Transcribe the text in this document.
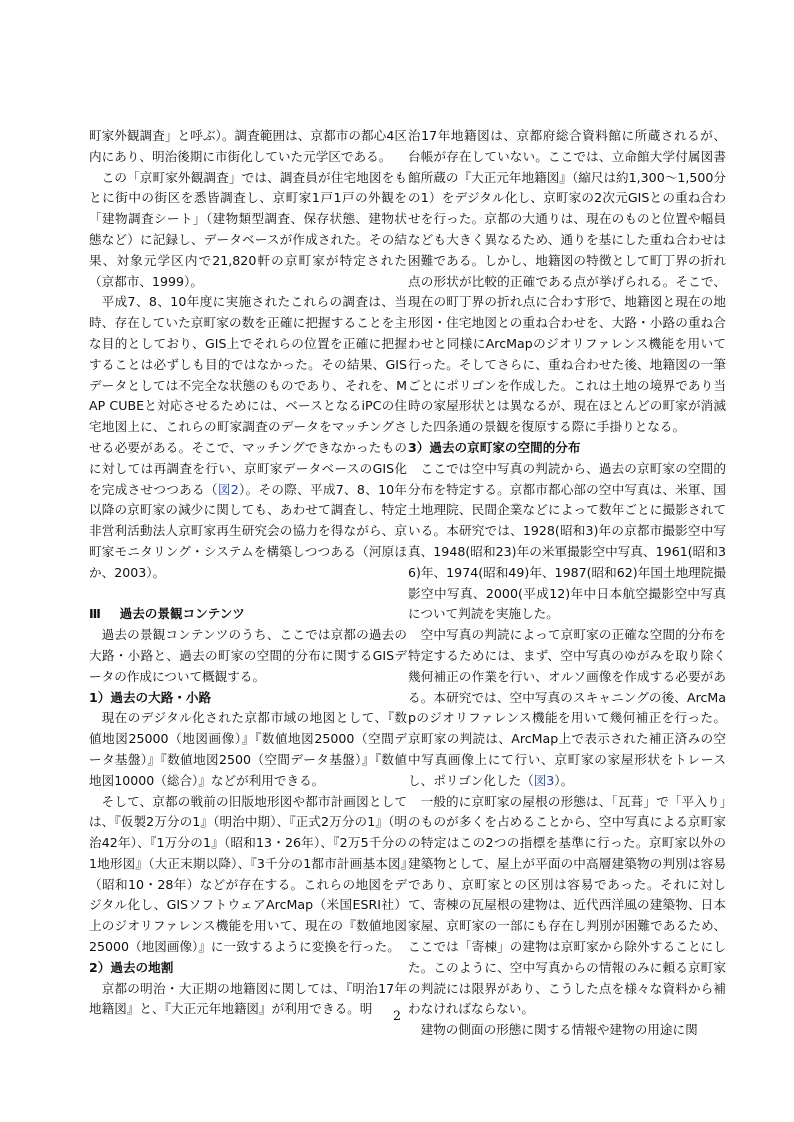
町家外観調査」と呼ぶ）。調査範囲は、京都市の都心4区内にあり、明治後期に市街化していた元学区である。

この「京町家外観調査」では、調査員が住宅地図をもとに街中の街区を悉皆調査し、京町家1戸1戸の外観を「建物調査シート」（建物類型調査、保存状態、建物状態など）に記録し、データベースが作成された。その結果、対象元学区内で21,820軒の京町家が特定された（京都市、1999）。

平成7、8、10年度に実施されたこれらの調査は、当時、存在していた京町家の数を正確に把握することを主な目的としており、GIS上でそれらの位置を正確に把握することは必ずしも目的ではなかった。その結果、GISデータとしては不完全な状態のものであり、それを、MAP CUBEと対応させるためには、ベースとなるiPCの住宅地図上に、これらの町家調査のデータをマッチングさせる必要がある。そこで、マッチングできなかったものに対しては再調査を行い、京町家データベースのGIS化を完成させつつある（図2）。その際、平成7、8、10年以降の京町家の減少に関しても、あわせて調査し、特定非営利活動法人京町家再生研究会の協力を得ながら、京町家モニタリング・システムを構築しつつある（河原ほか、2003）。

Ⅲ　 過去の景観コンテンツ

過去の景観コンテンツのうち、ここでは京都の過去の大路・小路と、過去の町家の空間的分布に関するGISデータの作成について概観する。

1）過去の大路・小路

現在のデジタル化された京都市域の地図として、『数値地図25000（地図画像）』『数値地図25000（空間データ基盤）』『数値地図2500（空間データ基盤）』『数値地図10000（総合）』などが利用できる。

そして、京都の戦前の旧版地形図や都市計画図としては、『仮製2万分の1』（明治中期）、『正式2万分の1』（明治42年）、『1万分の1』（昭和13・26年）、『2万5千分の1地形図』（大正末期以降）、『3千分の1都市計画基本図』（昭和10・28年）などが存在する。これらの地図をデジタル化し、GISソフトウェアArcMap（米国ESRI社）上のジオリファレンス機能を用いて、現在の『数値地図25000（地図画像）』に一致するように変換を行った。

2）過去の地割

京都の明治・大正期の地籍図に関しては、『明治17年地籍図』と、『大正元年地籍図』が利用できる。明

治17年地籍図は、京都府総合資料館に所蔵されるが、台帳が存在していない。ここでは、立命館大学付属図書館所蔵の『大正元年地籍図』（縮尺は約1,300〜1,500分の1）をデジタル化し、京町家の2次元GISとの重ね合わせを行った。京都の大通りは、現在のものと位置や幅員なども大きく異なるため、通りを基にした重ね合わせは困難である。しかし、地籍図の特徴として町丁界の折れ点の形状が比較的正確である点が挙げられる。そこで、現在の町丁界の折れ点に合わす形で、地籍図と現在の地形図・住宅地図との重ね合わせを、大路・小路の重ね合わせと同様にArcMapのジオリファレンス機能を用いて行った。そしてさらに、重ね合わせた後、地籍図の一筆ごとにポリゴンを作成した。これは土地の境界であり当時の家屋形状とは異なるが、現在ほとんどの町家が消滅した四条通の景観を復原する際に手掛りとなる。

3）過去の京町家の空間的分布

ここでは空中写真の判読から、過去の京町家の空間的分布を特定する。京都市都心部の空中写真は、米軍、国土地理院、民間企業などによって数年ごとに撮影されている。本研究では、1928(昭和3)年の京都市撮影空中写真、1948(昭和23)年の米軍撮影空中写真、1961(昭和36)年、1974(昭和49)年、1987(昭和62)年国土地理院撮影空中写真、2000(平成12)年中日本航空撮影空中写真について判読を実施した。

空中写真の判読によって京町家の正確な空間的分布を特定するためには、まず、空中写真のゆがみを取り除く幾何補正の作業を行い、オルソ画像を作成する必要がある。本研究では、空中写真のスキャニングの後、ArcMapのジオリファレンス機能を用いて幾何補正を行った。京町家の判読は、ArcMap上で表示された補正済みの空中写真画像上にて行い、京町家の家屋形状をトレースし、ポリゴン化した（図3）。

一般的に京町家の屋根の形態は、「瓦葺」で「平入り」のものが多くを占めることから、空中写真による京町家の特定はこの2つの指標を基準に行った。京町家以外の建築物として、屋上が平面の中高層建築物の判別は容易であり、京町家との区別は容易であった。それに対して、寄棟の瓦屋根の建物は、近代西洋風の建築物、日本家屋、京町家の一部にも存在し判別が困難であるため、ここでは「寄棟」の建物は京町家から除外することにした。このように、空中写真からの情報のみに頼る京町家の判読には限界があり、こうした点を様々な資料から補わなければならない。

建物の側面の形態に関する情報や建物の用途に関

2
